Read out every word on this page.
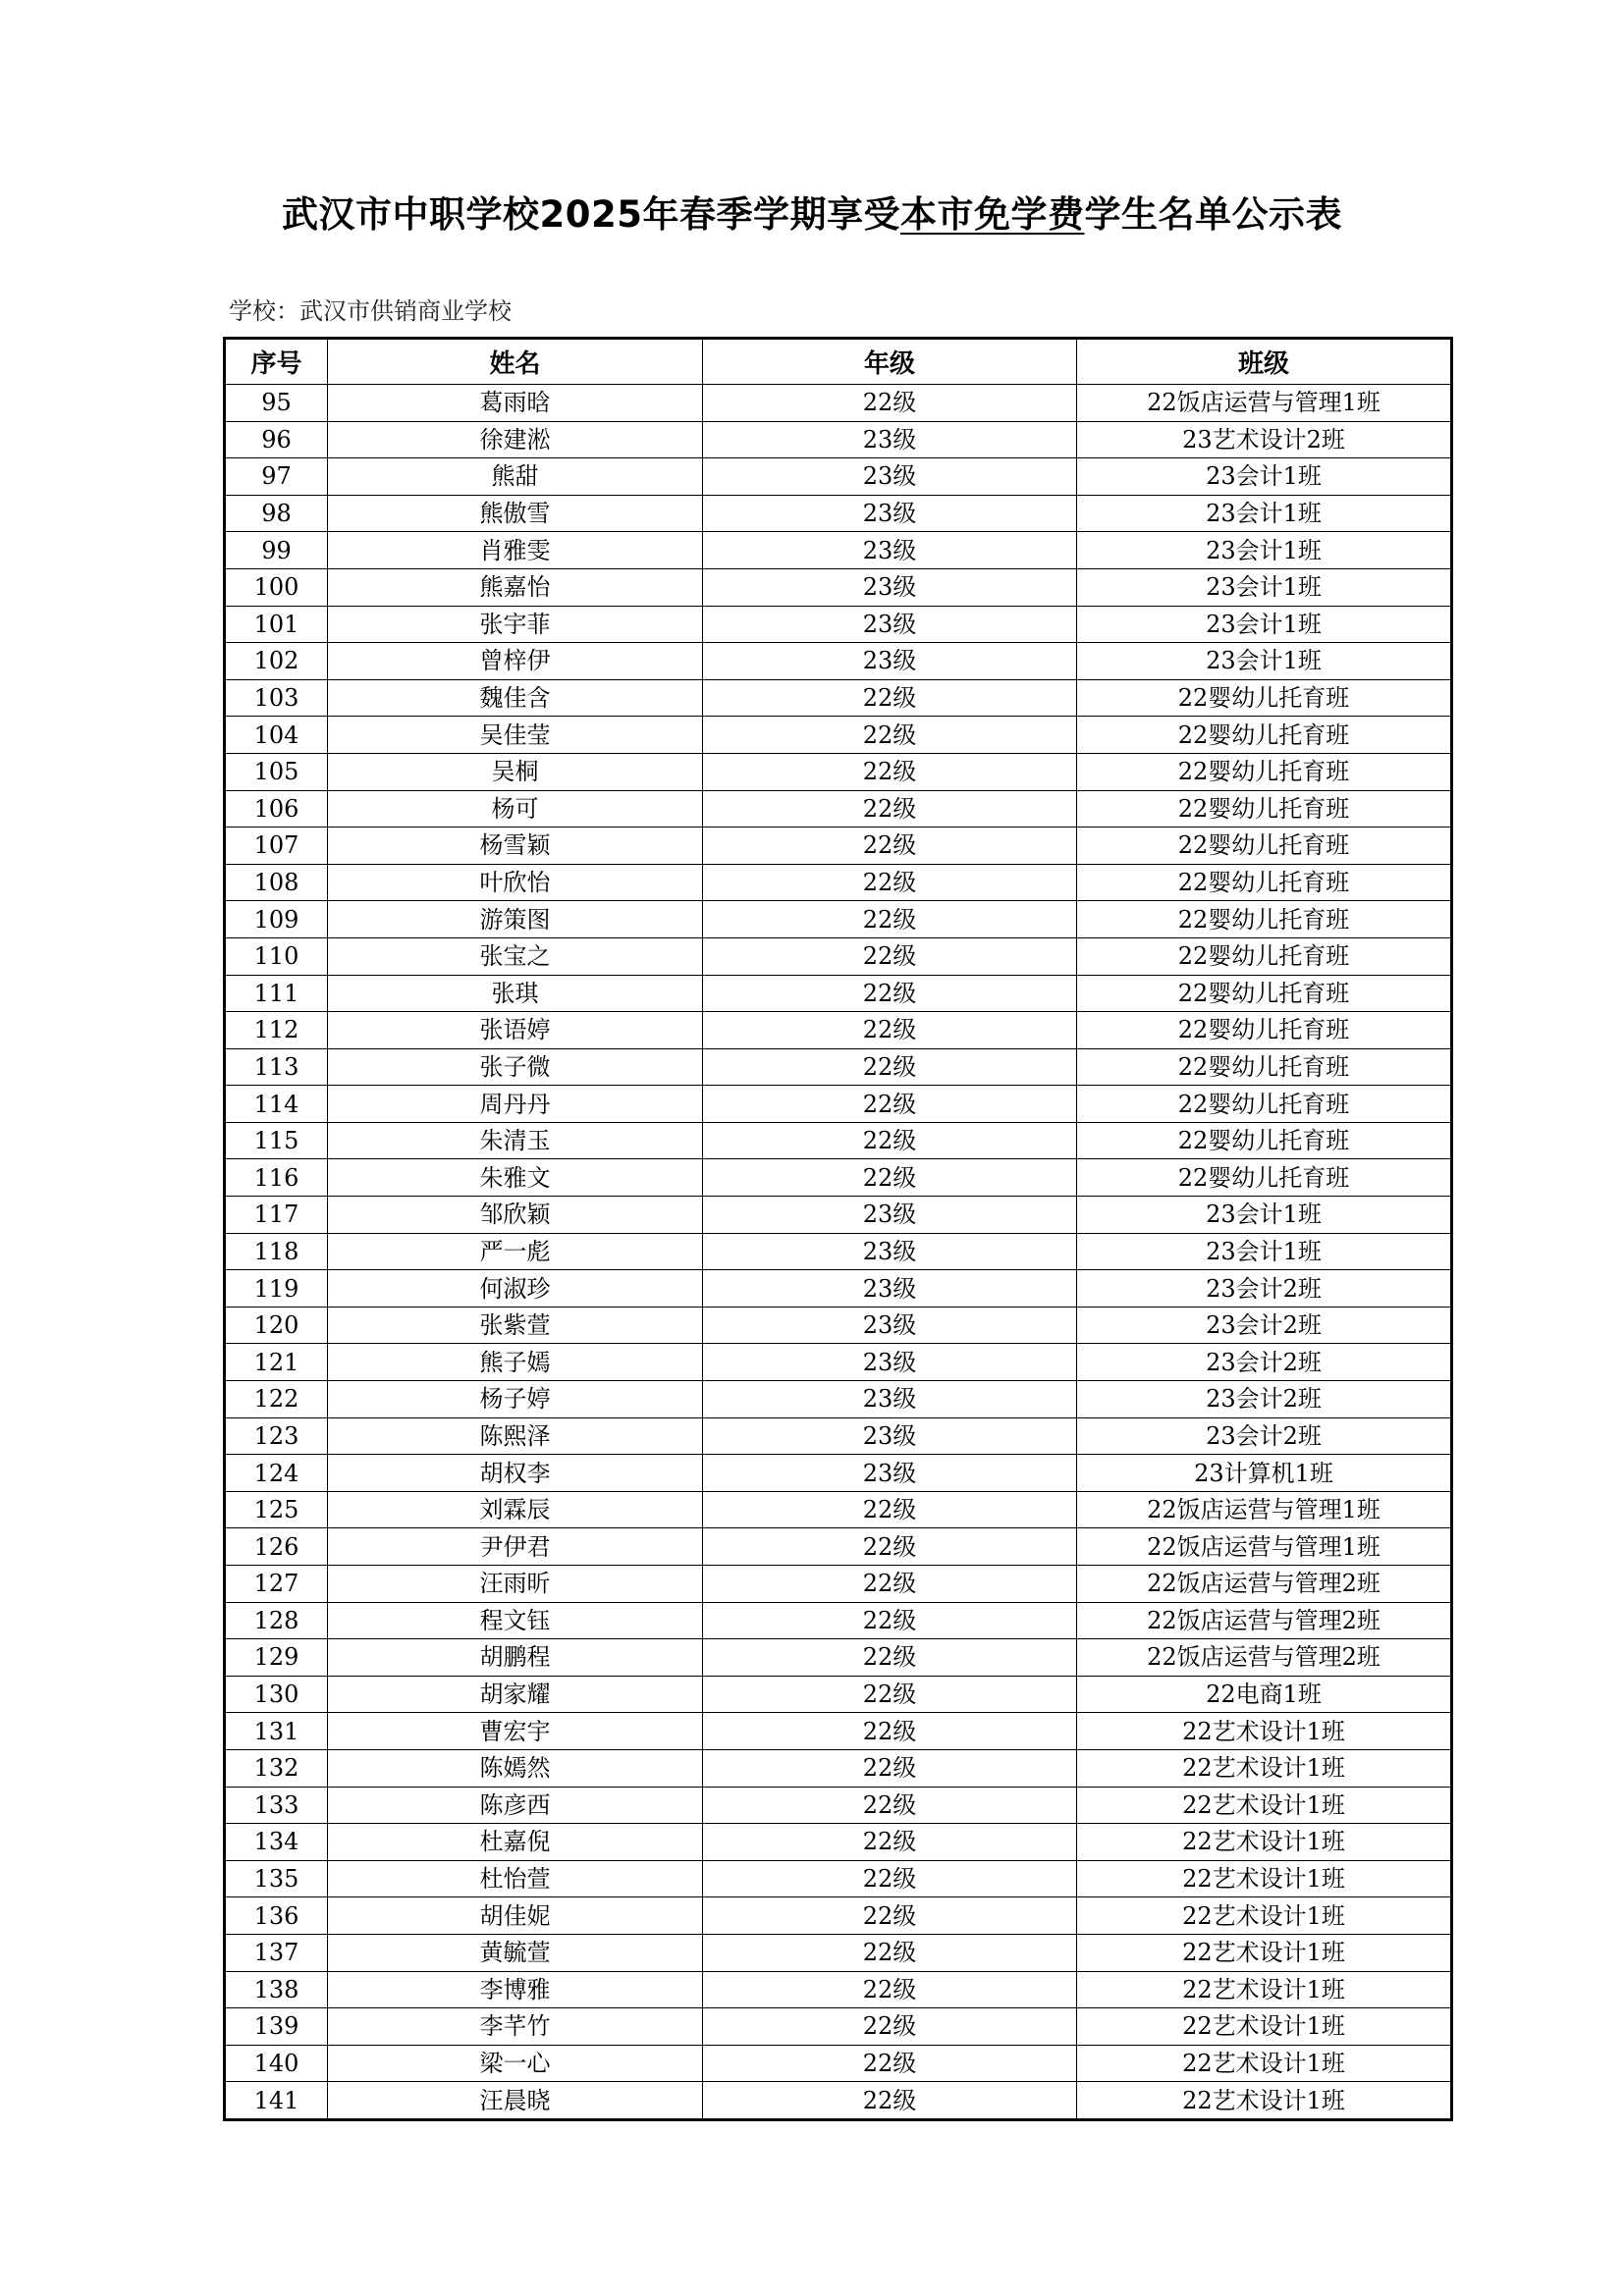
武汉市中职学校2025年春季学期享受本市免学费学生名单公示表
学校：武汉市供销商业学校
序号	姓名	年级	班级
95	葛雨晗	22级	22饭店运营与管理1班
96	徐建淞	23级	23艺术设计2班
97	熊甜	23级	23会计1班
98	熊傲雪	23级	23会计1班
99	肖雅雯	23级	23会计1班
100	熊嘉怡	23级	23会计1班
101	张宇菲	23级	23会计1班
102	曾梓伊	23级	23会计1班
103	魏佳含	22级	22婴幼儿托育班
104	吴佳莹	22级	22婴幼儿托育班
105	吴桐	22级	22婴幼儿托育班
106	杨可	22级	22婴幼儿托育班
107	杨雪颖	22级	22婴幼儿托育班
108	叶欣怡	22级	22婴幼儿托育班
109	游策图	22级	22婴幼儿托育班
110	张宝之	22级	22婴幼儿托育班
111	张琪	22级	22婴幼儿托育班
112	张语婷	22级	22婴幼儿托育班
113	张子微	22级	22婴幼儿托育班
114	周丹丹	22级	22婴幼儿托育班
115	朱清玉	22级	22婴幼儿托育班
116	朱雅文	22级	22婴幼儿托育班
117	邹欣颖	23级	23会计1班
118	严一彪	23级	23会计1班
119	何淑珍	23级	23会计2班
120	张紫萱	23级	23会计2班
121	熊子嫣	23级	23会计2班
122	杨子婷	23级	23会计2班
123	陈熙泽	23级	23会计2班
124	胡权李	23级	23计算机1班
125	刘霖辰	22级	22饭店运营与管理1班
126	尹伊君	22级	22饭店运营与管理1班
127	汪雨昕	22级	22饭店运营与管理2班
128	程文钰	22级	22饭店运营与管理2班
129	胡鹏程	22级	22饭店运营与管理2班
130	胡家耀	22级	22电商1班
131	曹宏宇	22级	22艺术设计1班
132	陈嫣然	22级	22艺术设计1班
133	陈彦西	22级	22艺术设计1班
134	杜嘉倪	22级	22艺术设计1班
135	杜怡萱	22级	22艺术设计1班
136	胡佳妮	22级	22艺术设计1班
137	黄毓萱	22级	22艺术设计1班
138	李博雅	22级	22艺术设计1班
139	李芊竹	22级	22艺术设计1班
140	梁一心	22级	22艺术设计1班
141	汪晨晓	22级	22艺术设计1班
